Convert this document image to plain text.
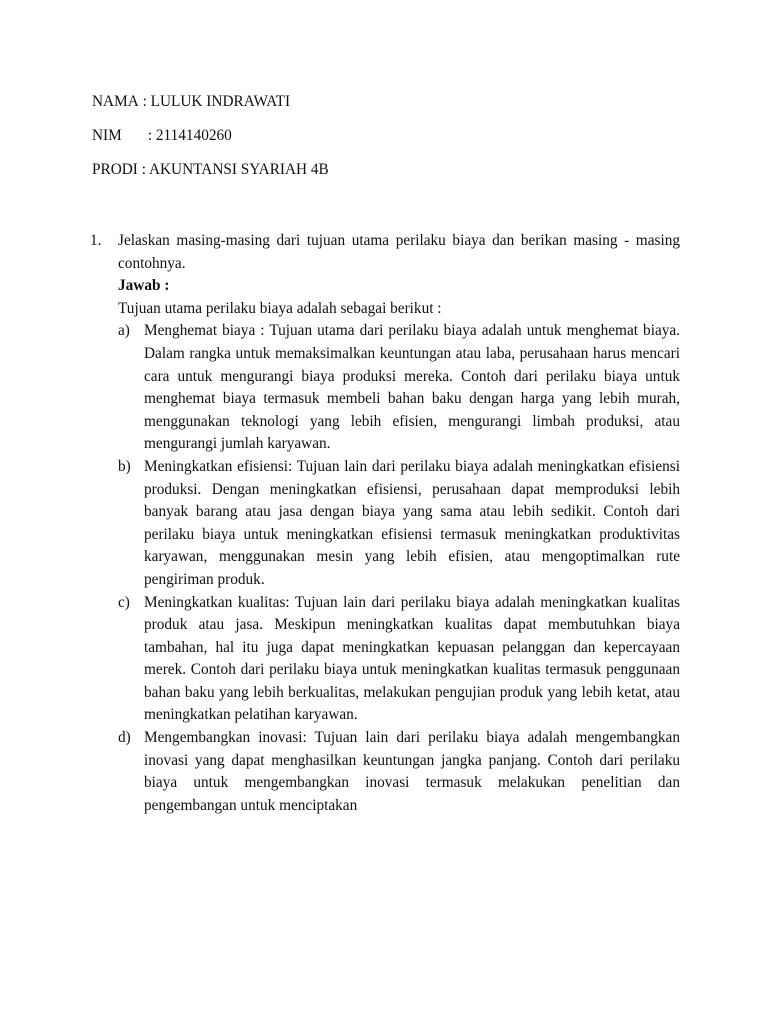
NAMA : LULUK INDRAWATI
NIM : 2114140260
PRODI : AKUNTANSI SYARIAH 4B
1.	Jelaskan masing-masing dari tujuan utama perilaku biaya dan berikan masing - masing contohnya.
Jawab :
Tujuan utama perilaku biaya adalah sebagai berikut :
a) Menghemat biaya : Tujuan utama dari perilaku biaya adalah untuk menghemat biaya. Dalam rangka untuk memaksimalkan keuntungan atau laba, perusahaan harus mencari cara untuk mengurangi biaya produksi mereka. Contoh dari perilaku biaya untuk menghemat biaya termasuk membeli bahan baku dengan harga yang lebih murah, menggunakan teknologi yang lebih efisien, mengurangi limbah produksi, atau mengurangi jumlah karyawan.
b) Meningkatkan efisiensi: Tujuan lain dari perilaku biaya adalah meningkatkan efisiensi produksi. Dengan meningkatkan efisiensi, perusahaan dapat memproduksi lebih banyak barang atau jasa dengan biaya yang sama atau lebih sedikit. Contoh dari perilaku biaya untuk meningkatkan efisiensi termasuk meningkatkan produktivitas karyawan, menggunakan mesin yang lebih efisien, atau mengoptimalkan rute pengiriman produk.
c) Meningkatkan kualitas: Tujuan lain dari perilaku biaya adalah meningkatkan kualitas produk atau jasa. Meskipun meningkatkan kualitas dapat membutuhkan biaya tambahan, hal itu juga dapat meningkatkan kepuasan pelanggan dan kepercayaan merek. Contoh dari perilaku biaya untuk meningkatkan kualitas termasuk penggunaan bahan baku yang lebih berkualitas, melakukan pengujian produk yang lebih ketat, atau meningkatkan pelatihan karyawan.
d) Mengembangkan inovasi: Tujuan lain dari perilaku biaya adalah mengembangkan inovasi yang dapat menghasilkan keuntungan jangka panjang. Contoh dari perilaku biaya untuk mengembangkan inovasi termasuk melakukan penelitian dan pengembangan untuk menciptakan
